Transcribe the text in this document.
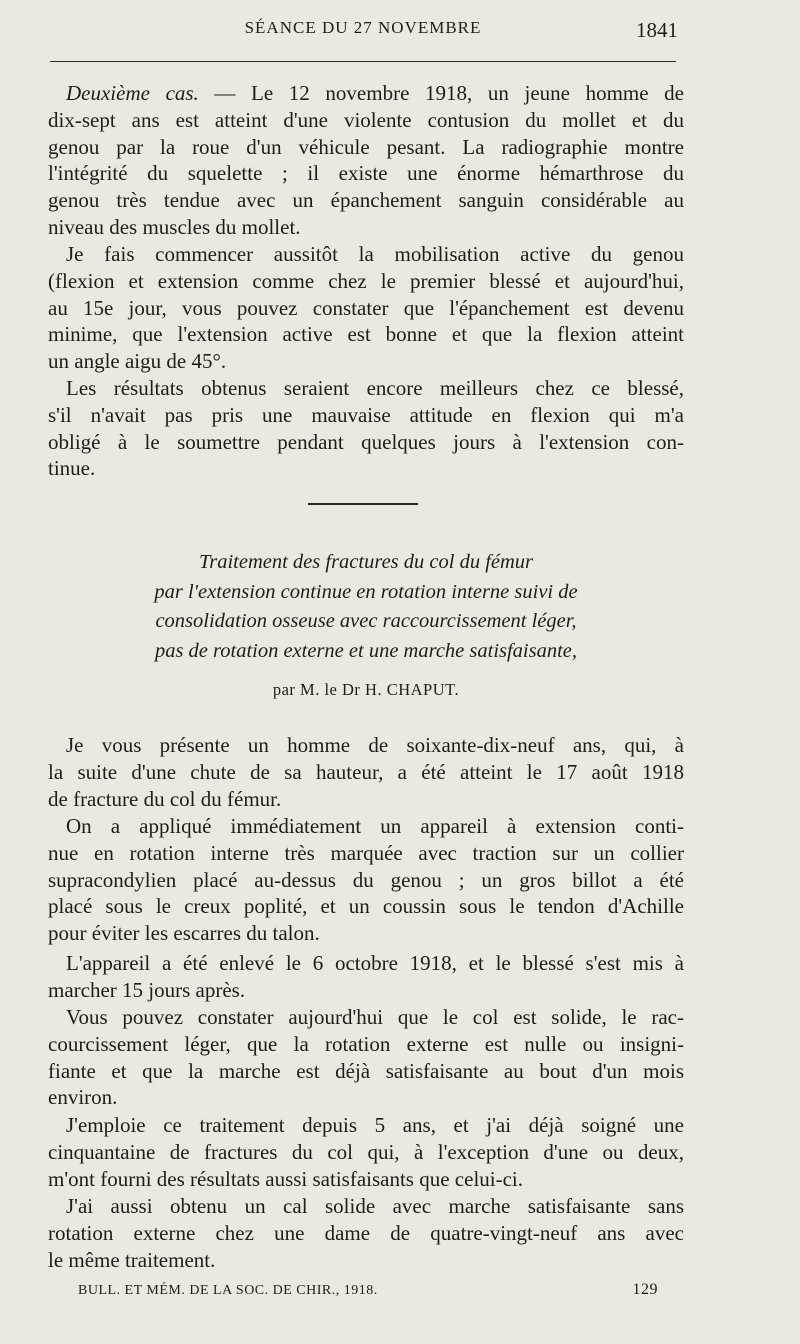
SÉANCE DU 27 NOVEMBRE	1841
Deuxième cas. — Le 12 novembre 1918, un jeune homme de
dix-sept ans est atteint d'une violente contusion du mollet et du
genou par la roue d'un véhicule pesant. La radiographie montre
l'intégrité du squelette ; il existe une énorme hémarthrose du
genou très tendue avec un épanchement sanguin considérable au
niveau des muscles du mollet.
Je fais commencer aussitôt la mobilisation active du genou
(flexion et extension comme chez le premier blessé et aujourd'hui,
au 15e jour, vous pouvez constater que l'épanchement est devenu
minime, que l'extension active est bonne et que la flexion atteint
un angle aigu de 45°.
Les résultats obtenus seraient encore meilleurs chez ce blessé,
s'il n'avait pas pris une mauvaise attitude en flexion qui m'a
obligé à le soumettre pendant quelques jours à l'extension con-
tinue.
Traitement des fractures du col du fémur
par l'extension continue en rotation interne suivi de
consolidation osseuse avec raccourcissement léger,
pas de rotation externe et une marche satisfaisante,
par M. le Dr H. CHAPUT.
Je vous présente un homme de soixante-dix-neuf ans, qui, à
la suite d'une chute de sa hauteur, a été atteint le 17 août 1918
de fracture du col du fémur.
On a appliqué immédiatement un appareil à extension conti-
nue en rotation interne très marquée avec traction sur un collier
supracondylien placé au-dessus du genou ; un gros billot a été
placé sous le creux poplité, et un coussin sous le tendon d'Achille
pour éviter les escarres du talon.
L'appareil a été enlevé le 6 octobre 1918, et le blessé s'est mis à
marcher 15 jours après.
Vous pouvez constater aujourd'hui que le col est solide, le rac-
courcissement léger, que la rotation externe est nulle ou insigni-
fiante et que la marche est déjà satisfaisante au bout d'un mois
environ.
J'emploie ce traitement depuis 5 ans, et j'ai déjà soigné une
cinquantaine de fractures du col qui, à l'exception d'une ou deux,
m'ont fourni des résultats aussi satisfaisants que celui-ci.
J'ai aussi obtenu un cal solide avec marche satisfaisante sans
rotation externe chez une dame de quatre-vingt-neuf ans avec
le même traitement.
BULL. ET MÉM. DE LA SOC. DE CHIR., 1918.	129
